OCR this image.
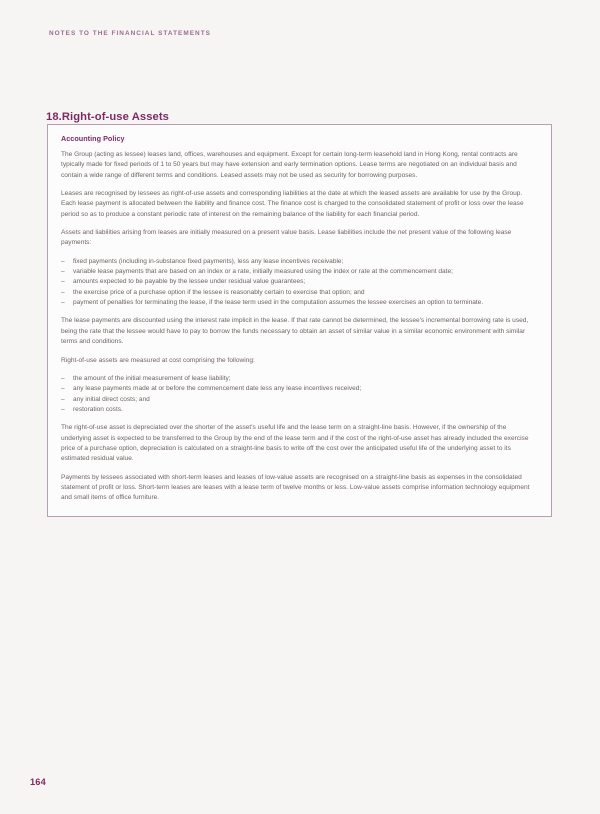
NOTES TO THE FINANCIAL STATEMENTS
18.Right-of-use Assets
Accounting Policy

The Group (acting as lessee) leases land, offices, warehouses and equipment. Except for certain long-term leasehold land in Hong Kong, rental contracts are typically made for fixed periods of 1 to 50 years but may have extension and early termination options. Lease terms are negotiated on an individual basis and contain a wide range of different terms and conditions. Leased assets may not be used as security for borrowing purposes.

Leases are recognised by lessees as right-of-use assets and corresponding liabilities at the date at which the leased assets are available for use by the Group. Each lease payment is allocated between the liability and finance cost. The finance cost is charged to the consolidated statement of profit or loss over the lease period so as to produce a constant periodic rate of interest on the remaining balance of the liability for each financial period.

Assets and liabilities arising from leases are initially measured on a present value basis. Lease liabilities include the net present value of the following lease payments:

– fixed payments (including in-substance fixed payments), less any lease incentives receivable;
– variable lease payments that are based on an index or a rate, initially measured using the index or rate at the commencement date;
– amounts expected to be payable by the lessee under residual value guarantees;
– the exercise price of a purchase option if the lessee is reasonably certain to exercise that option; and
– payment of penalties for terminating the lease, if the lease term used in the computation assumes the lessee exercises an option to terminate.

The lease payments are discounted using the interest rate implicit in the lease. If that rate cannot be determined, the lessee's incremental borrowing rate is used, being the rate that the lessee would have to pay to borrow the funds necessary to obtain an asset of similar value in a similar economic environment with similar terms and conditions.

Right-of-use assets are measured at cost comprising the following:

– the amount of the initial measurement of lease liability;
– any lease payments made at or before the commencement date less any lease incentives received;
– any initial direct costs; and
– restoration costs.

The right-of-use asset is depreciated over the shorter of the asset's useful life and the lease term on a straight-line basis. However, if the ownership of the underlying asset is expected to be transferred to the Group by the end of the lease term and if the cost of the right-of-use asset has already included the exercise price of a purchase option, depreciation is calculated on a straight-line basis to write off the cost over the anticipated useful life of the underlying asset to its estimated residual value.

Payments by lessees associated with short-term leases and leases of low-value assets are recognised on a straight-line basis as expenses in the consolidated statement of profit or loss. Short-term leases are leases with a lease term of twelve months or less. Low-value assets comprise information technology equipment and small items of office furniture.

164
